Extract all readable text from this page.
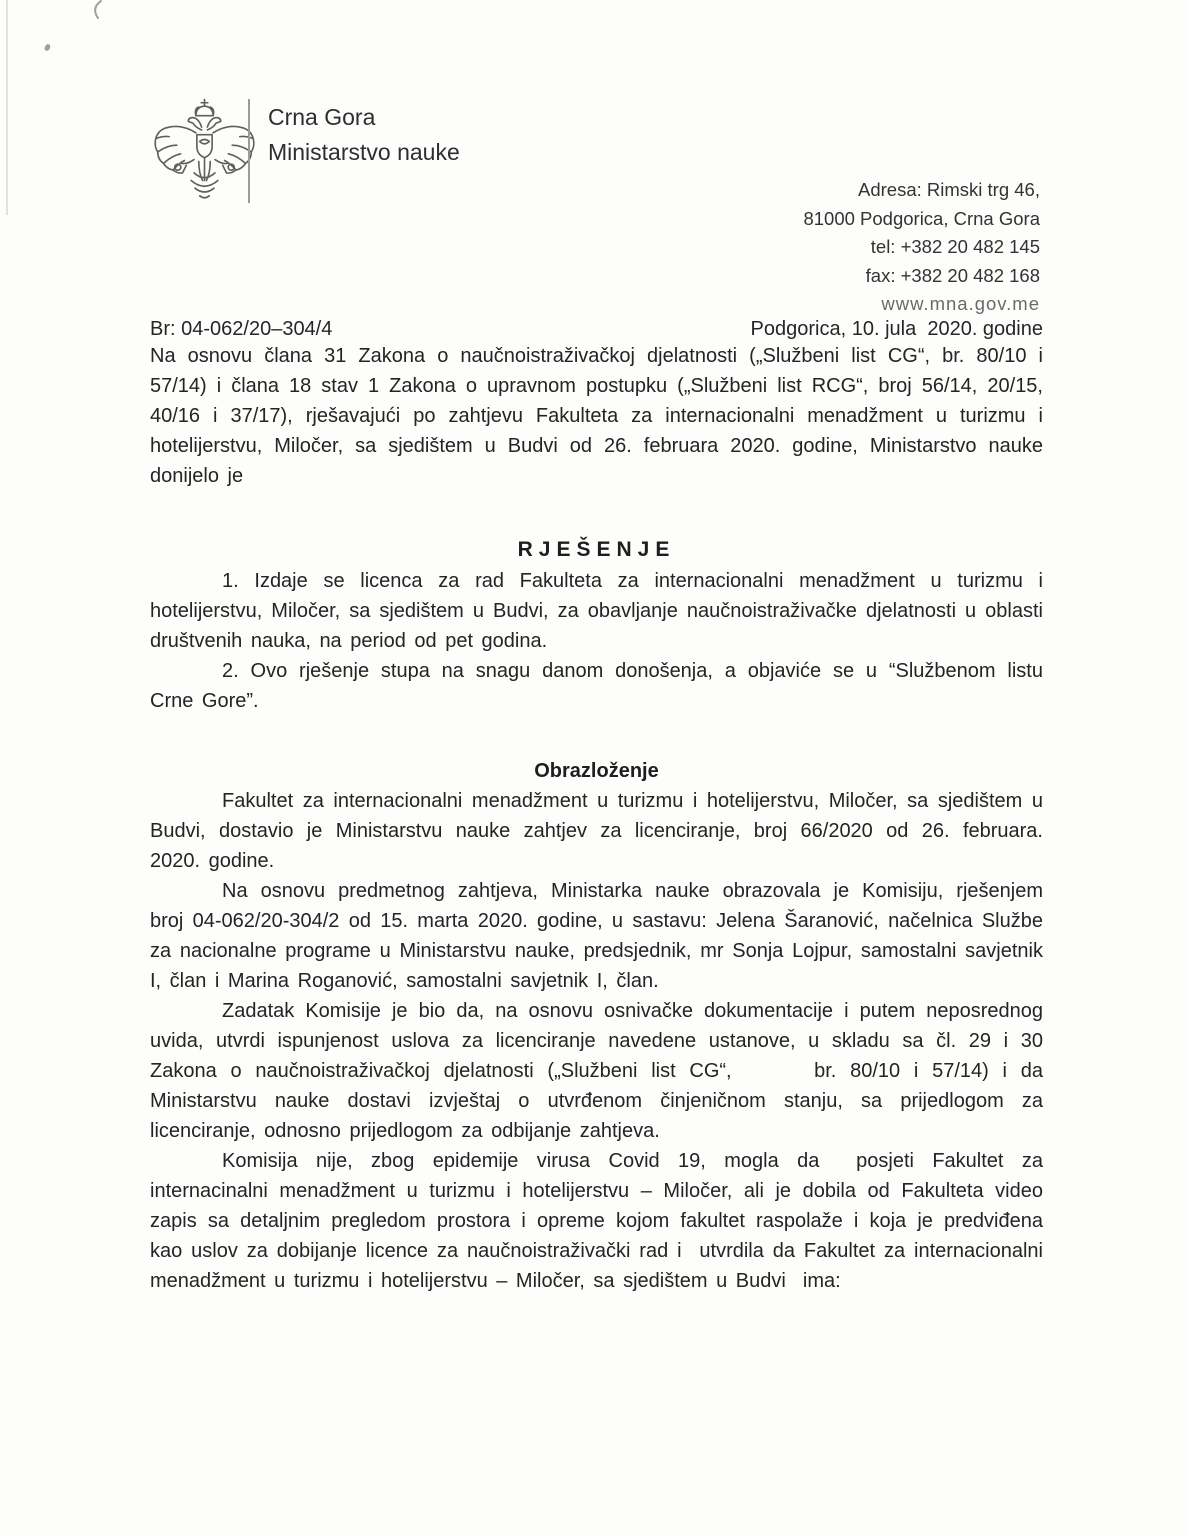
Crna Gora
Ministarstvo nauke
Adresa: Rimski trg 46,
81000 Podgorica, Crna Gora
tel: +382 20 482 145
fax: +382 20 482 168
www.mna.gov.me
Br: 04-062/20–304/4	Podgorica, 10. jula  2020. godine

Na osnovu člana 31 Zakona o naučnoistraživačkoj djelatnosti („Službeni list CG“, br. 80/10 i 57/14) i člana 18 stav 1 Zakona o upravnom postupku („Službeni list RCG“, broj 56/14, 20/15, 40/16 i 37/17), rješavajući po zahtjevu Fakulteta za internacionalni menadžment u turizmu i hotelijerstvu, Miločer, sa sjedištem u Budvi od 26. februara 2020. godine, Ministarstvo nauke donijelo je

RJEŠENJE

1. Izdaje se licenca za rad Fakulteta za internacionalni menadžment u turizmu i hotelijerstvu, Miločer, sa sjedištem u Budvi, za obavljanje naučnoistraživačke djelatnosti u oblasti društvenih nauka, na period od pet godina.

2. Ovo rješenje stupa na snagu danom donošenja, a objaviće se u “Službenom listu Crne Gore”.

Obrazloženje

Fakultet za internacionalni menadžment u turizmu i hotelijerstvu, Miločer, sa sjedištem u Budvi, dostavio je Ministarstvu nauke zahtjev za licenciranje, broj 66/2020 od 26. februara. 2020. godine.

Na osnovu predmetnog zahtjeva, Ministarka nauke obrazovala je Komisiju, rješenjem broj 04-062/20-304/2 od 15. marta 2020. godine, u sastavu: Jelena Šaranović, načelnica Službe za nacionalne programe u Ministarstvu nauke, predsjednik, mr Sonja Lojpur, samostalni savjetnik I, član i Marina Roganović, samostalni savjetnik I, član.

Zadatak Komisije je bio da, na osnovu osnivačke dokumentacije i putem neposrednog uvida, utvrdi ispunjenost uslova za licenciranje navedene ustanove, u skladu sa čl. 29 i 30 Zakona o naučnoistraživačkoj djelatnosti („Službeni list CG“,      br. 80/10 i 57/14) i da Ministarstvu nauke dostavi izvještaj o utvrđenom činjeničnom stanju, sa prijedlogom za licenciranje, odnosno prijedlogom za odbijanje zahtjeva.

Komisija nije, zbog epidemije virusa Covid 19, mogla da  posjeti Fakultet za internacinalni menadžment u turizmu i hotelijerstvu – Miločer, ali je dobila od Fakulteta video zapis sa detaljnim pregledom prostora i opreme kojom fakultet raspolaže i koja je predviđena kao uslov za dobijanje licence za naučnoistraživački rad i  utvrdila da Fakultet za internacionalni menadžment u turizmu i hotelijerstvu – Miločer, sa sjedištem u Budvi  ima:
